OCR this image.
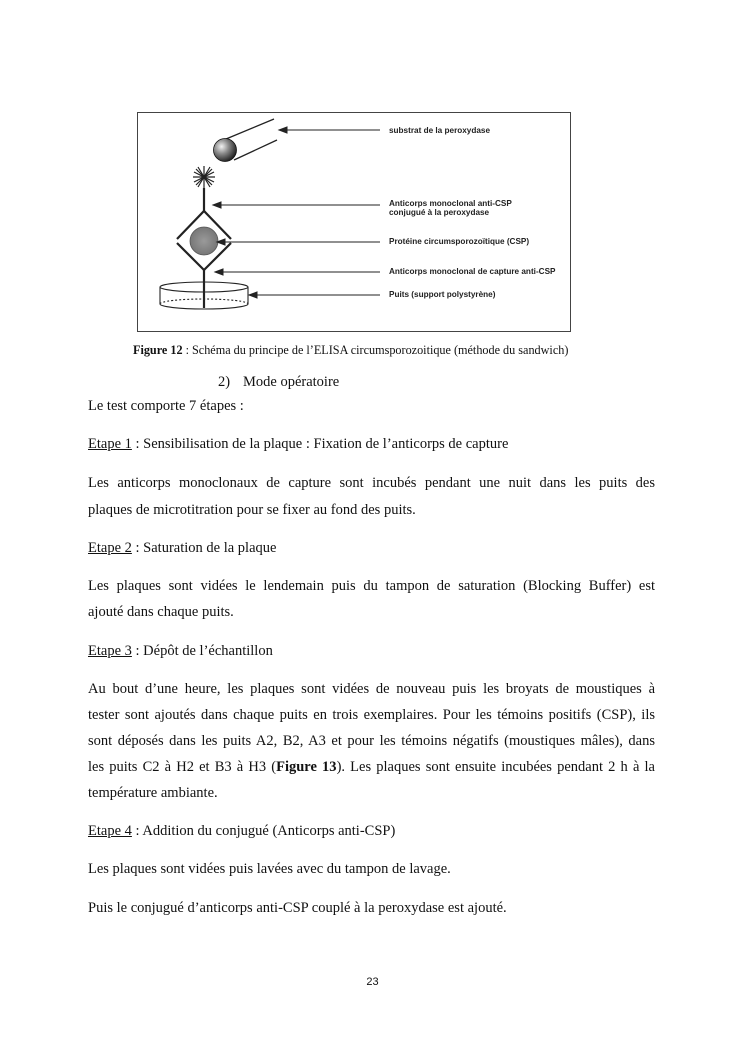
substrat de la peroxydase
Anticorps monoclonal anti-CSP
conjugué à la peroxydase
Protéine circumsporozoïtique (CSP)
Anticorps monoclonal de capture anti-CSP
Puits (support polystyrène)
Figure 12 : Schéma du principe de l’ELISA circumsporozoitique (méthode du sandwich)
2) Mode opératoire
Le test comporte 7 étapes :
Etape 1 : Sensibilisation de la plaque : Fixation de l’anticorps de capture
Les anticorps monoclonaux de capture sont incubés pendant une nuit dans les puits des
plaques de microtitration pour se fixer au fond des puits.
Etape 2 : Saturation de la plaque
Les plaques sont vidées le lendemain puis du tampon de saturation (Blocking Buffer) est
ajouté dans chaque puits.
Etape 3 : Dépôt de l’échantillon
Au bout d’une heure, les plaques sont vidées de nouveau puis les broyats de moustiques à
tester sont ajoutés dans chaque puits en trois exemplaires. Pour les témoins positifs (CSP), ils
sont déposés dans les puits A2, B2, A3 et pour les témoins négatifs (moustiques mâles), dans
les puits C2 à H2 et B3 à H3 (Figure 13). Les plaques sont ensuite incubées pendant 2 h à la
température ambiante.
Etape 4 : Addition du conjugué (Anticorps anti-CSP)
Les plaques sont vidées puis lavées avec du tampon de lavage.
Puis le conjugué d’anticorps anti-CSP couplé à la peroxydase est ajouté.
23
